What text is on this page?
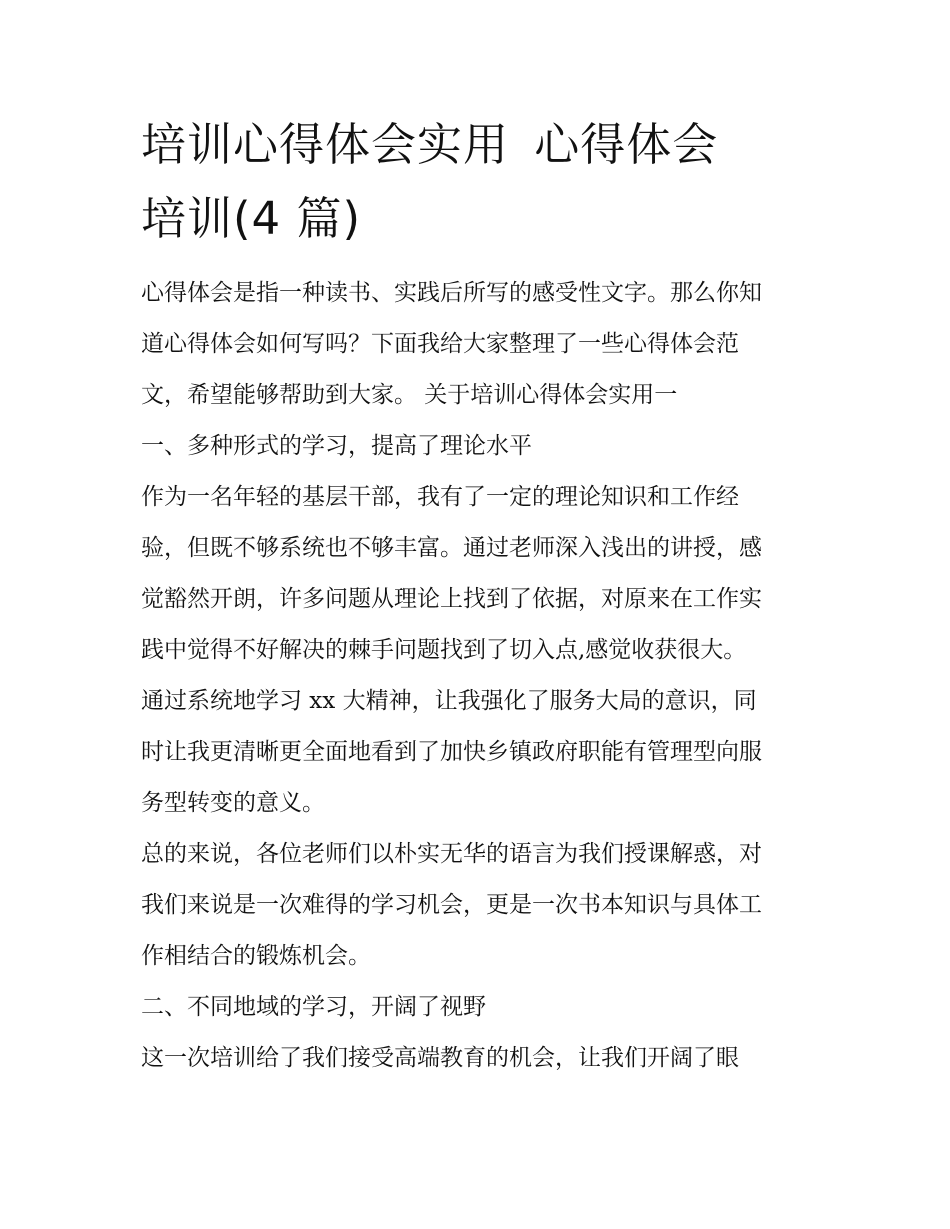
培训心得体会实用 心得体会
培训(4 篇)

心得体会是指一种读书、实践后所写的感受性文字。那么你知
道心得体会如何写吗？下面我给大家整理了一些心得体会范
文，希望能够帮助到大家。 关于培训心得体会实用一

一、多种形式的学习，提高了理论水平

作为一名年轻的基层干部，我有了一定的理论知识和工作经
验，但既不够系统也不够丰富。通过老师深入浅出的讲授，感
觉豁然开朗，许多问题从理论上找到了依据，对原来在工作实
践中觉得不好解决的棘手问题找到了切入点,感觉收获很大。

通过系统地学习 xx 大精神，让我强化了服务大局的意识，同
时让我更清晰更全面地看到了加快乡镇政府职能有管理型向服
务型转变的意义。

总的来说，各位老师们以朴实无华的语言为我们授课解惑，对
我们来说是一次难得的学习机会，更是一次书本知识与具体工
作相结合的锻炼机会。

二、不同地域的学习，开阔了视野

这一次培训给了我们接受高端教育的机会，让我们开阔了眼
